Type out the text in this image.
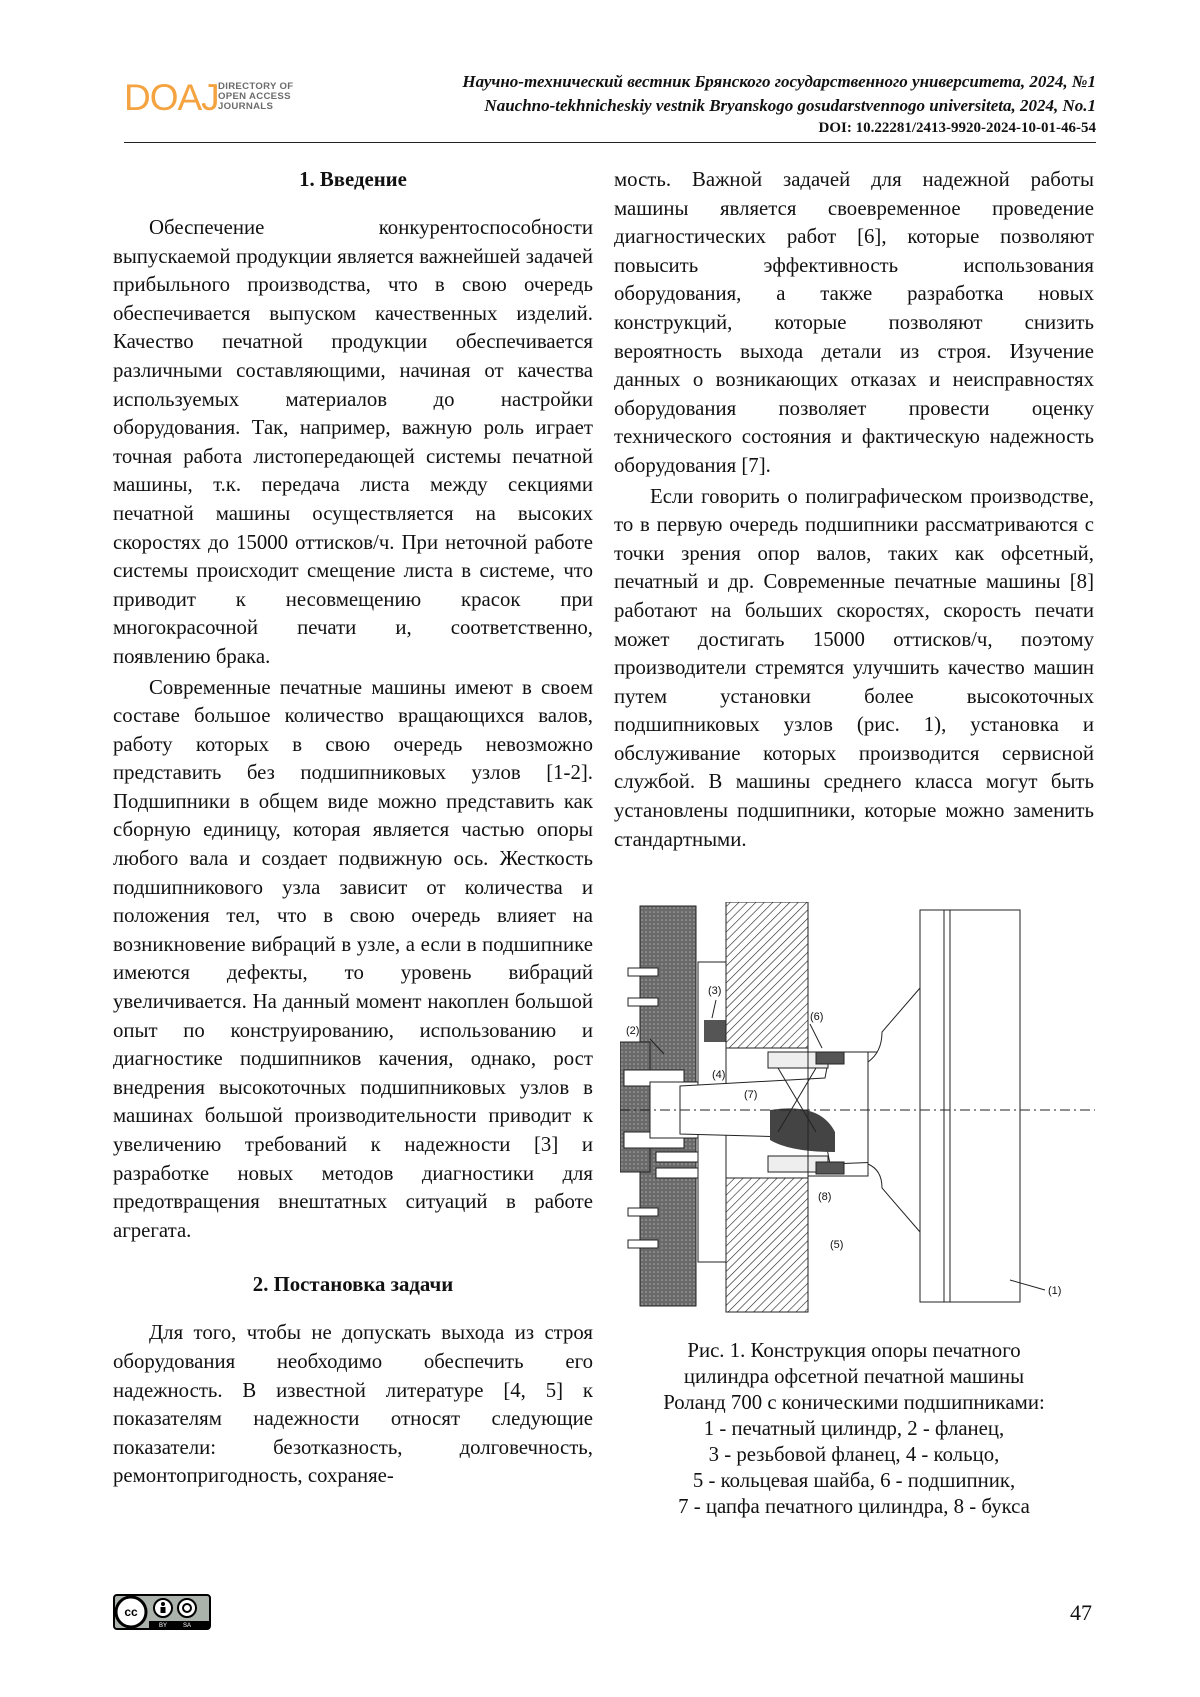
DOAJ DIRECTORY OF
OPEN ACCESS
JOURNALS
Научно-технический вестник Брянского государственного университета, 2024, №1
Nauchno-tekhnicheskiy vestnik Bryanskogo gosudarstvennogo universiteta, 2024, No.1
DOI: 10.22281/2413-9920-2024-10-01-46-54
1. Введение

Обеспечение конкурентоспособности выпускаемой продукции является важнейшей задачей прибыльного производства, что в свою очередь обеспечивается выпуском качественных изделий. Качество печатной продукции обеспечивается различными составляющими, начиная от качества используемых материалов до настройки оборудования. Так, например, важную роль играет точная работа листопередающей системы печатной машины, т.к. передача листа между секциями печатной машины осуществляется на высоких скоростях до 15000 оттисков/ч. При неточной работе системы происходит смещение листа в системе, что приводит к несовмещению красок при многокрасочной печати и, соответственно, появлению брака.

Современные печатные машины имеют в своем составе большое количество вращающихся валов, работу которых в свою очередь невозможно представить без подшипниковых узлов [1-2]. Подшипники в общем виде можно представить как сборную единицу, которая является частью опоры любого вала и создает подвижную ось. Жесткость подшипникового узла зависит от количества и положения тел, что в свою очередь влияет на возникновение вибраций в узле, а если в подшипнике имеются дефекты, то уровень вибраций увеличивается. На данный момент накоплен большой опыт по конструированию, использованию и диагностике подшипников качения, однако, рост внедрения высокоточных подшипниковых узлов в машинах большой производительности приводит к увеличению требований к надежности [3] и разработке новых методов диагностики для предотвращения внештатных ситуаций в работе агрегата.

2. Постановка задачи

Для того, чтобы не допускать выхода из строя оборудования необходимо обеспечить его надежность. В известной литературе [4, 5] к показателям надежности относят следующие показатели: безотказность, долговечность, ремонтопригодность, сохраняе-

мость. Важной задачей для надежной работы машины является своевременное проведение диагностических работ [6], которые позволяют повысить эффективность использования оборудования, а также разработка новых конструкций, которые позволяют снизить вероятность выхода детали из строя. Изучение данных о возникающих отказах и неисправностях оборудования позволяет провести оценку технического состояния и фактическую надежность оборудования [7].

Если говорить о полиграфическом производстве, то в первую очередь подшипники рассматриваются с точки зрения опор валов, таких как офсетный, печатный и др. Современные печатные машины [8] работают на больших скоростях, скорость печати может достигать 15000 оттисков/ч, поэтому производители стремятся улучшить качество машин путем установки более высокоточных подшипниковых узлов (рис. 1), установка и обслуживание которых производится сервисной службой. В машины среднего класса могут быть установлены подшипники, которые можно заменить стандартными.

(1)
(2)
(3)
(4)
(5)
(6)
(7)
(8)
Рис. 1. Конструкция опоры печатного
цилиндра офсетной печатной машины
Роланд 700 с коническими подшипниками:
1 - печатный цилиндр, 2 - фланец,
3 - резьбовой фланец, 4 - кольцо,
5 - кольцевая шайба, 6 - подшипник,
7 - цапфа печатного цилиндра, 8 - букса
cc
BY	SA
47
